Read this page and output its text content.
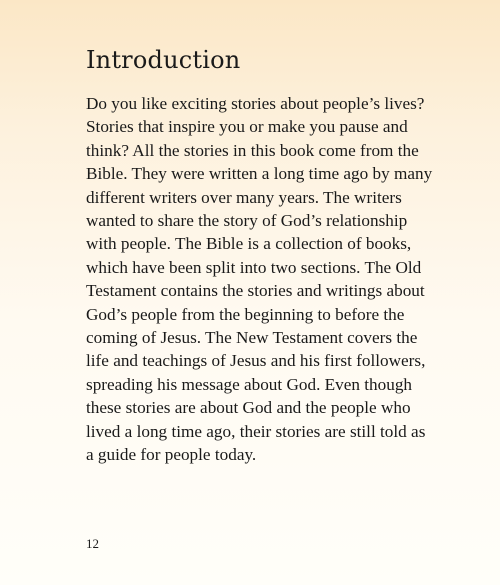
Introduction
Do you like exciting stories about people’s lives?
Stories that inspire you or make you pause and
think? All the stories in this book come from the
Bible. They were written a long time ago by many
different writers over many years. The writers
wanted to share the story of God’s relationship
with people. The Bible is a collection of books,
which have been split into two sections. The Old
Testament contains the stories and writings about
God’s people from the beginning to before the
coming of Jesus. The New Testament covers the
life and teachings of Jesus and his first followers,
spreading his message about God. Even though
these stories are about God and the people who
lived a long time ago, their stories are still told as
a guide for people today.
12
